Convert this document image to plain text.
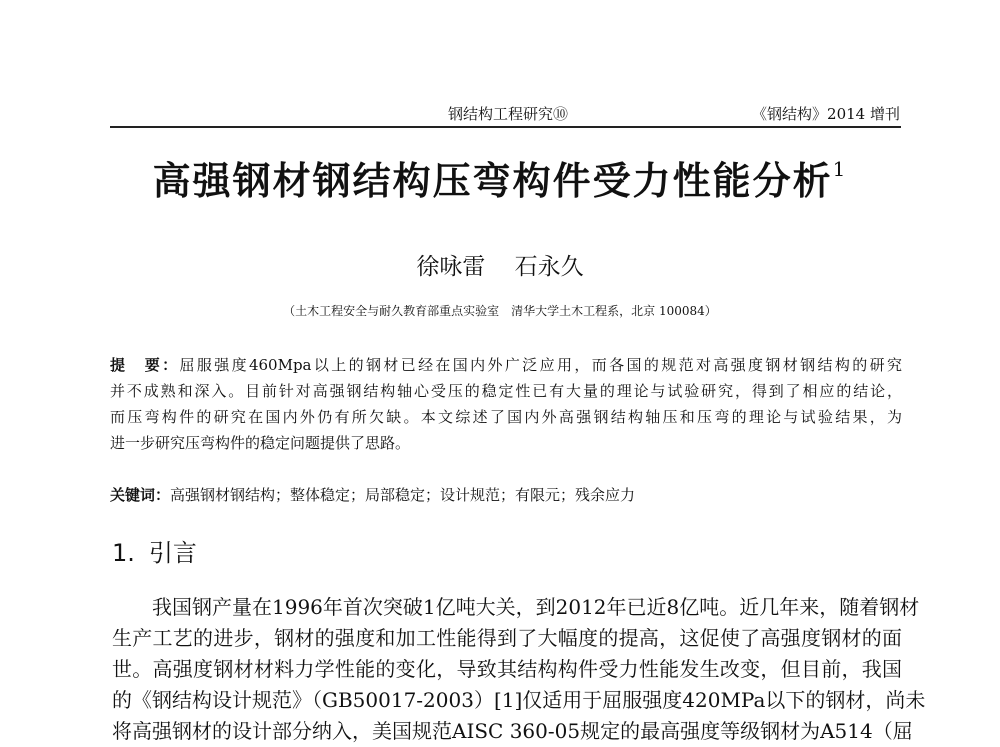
钢结构工程研究⑩	《钢结构》2014 增刊
高强钢材钢结构压弯构件受力性能分析$^1$
徐咏雷 石永久
（土木工程安全与耐久教育部重点实验室　清华大学土木工程系，北京 100084）
提　要：屈服强度460Mpa以上的钢材已经在国内外广泛应用，而各国的规范对高强度钢材钢结构的研究
并不成熟和深入。目前针对高强钢结构轴心受压的稳定性已有大量的理论与试验研究，得到了相应的结论，
而压弯构件的研究在国内外仍有所欠缺。本文综述了国内外高强钢结构轴压和压弯的理论与试验结果，为
进一步研究压弯构件的稳定问题提供了思路。
关键词：高强钢材钢结构；整体稳定；局部稳定；设计规范；有限元；残余应力
1. 引言
我国钢产量在1996年首次突破1亿吨大关，到2012年已近8亿吨。近几年来，随着钢材
生产工艺的进步，钢材的强度和加工性能得到了大幅度的提高，这促使了高强度钢材的面
世。高强度钢材材料力学性能的变化，导致其结构构件受力性能发生改变，但目前，我国
的《钢结构设计规范》（GB50017-2003）[1]仅适用于屈服强度420MPa以下的钢材，尚未
将高强钢材的设计部分纳入，美国规范AISC 360-05规定的最高强度等级钢材为A514（屈
